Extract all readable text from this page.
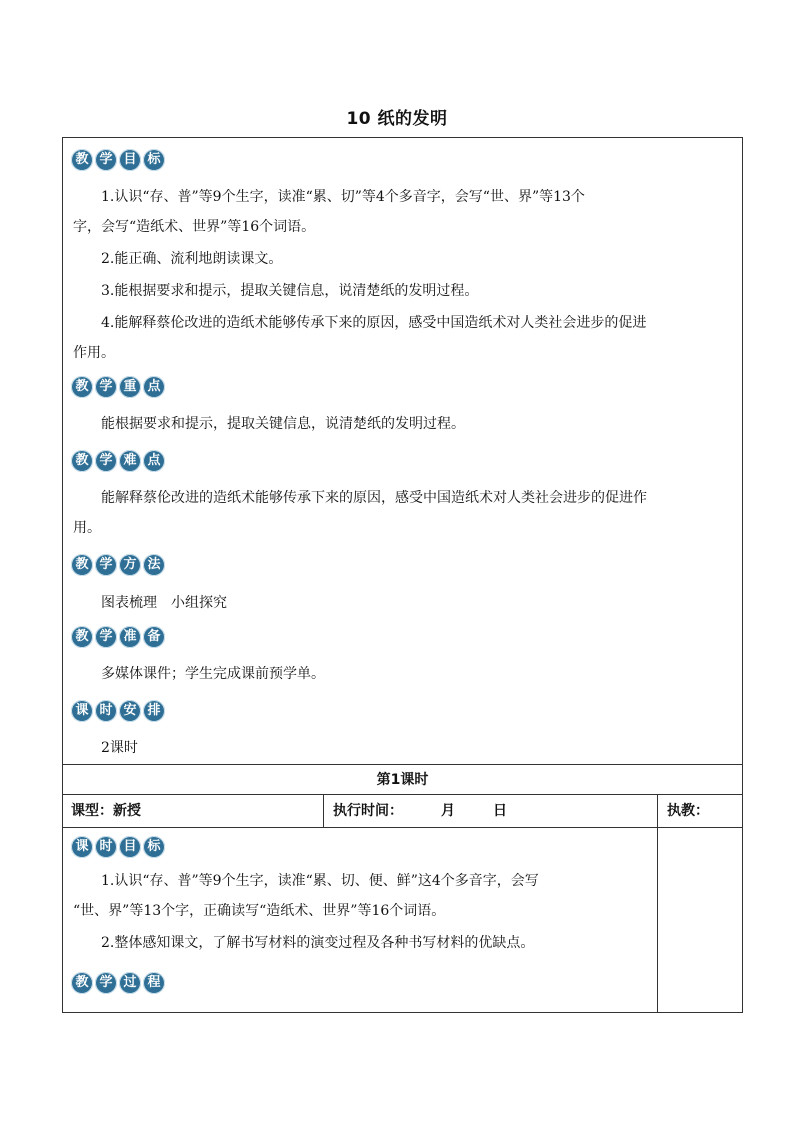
10 纸的发明
教 学 目 标
1.认识“存、普”等9个生字，读准“累、切”等4个多音字，会写“世、界”等13个
字，会写“造纸术、世界”等16个词语。
2.能正确、流利地朗读课文。
3.能根据要求和提示，提取关键信息，说清楚纸的发明过程。
4.能解释蔡伦改进的造纸术能够传承下来的原因，感受中国造纸术对人类社会进步的促进
作用。
教 学 重 点
能根据要求和提示，提取关键信息，说清楚纸的发明过程。
教 学 难 点
能解释蔡伦改进的造纸术能够传承下来的原因，感受中国造纸术对人类社会进步的促进作
用。
教 学 方 法
图表梳理　小组探究
教 学 准 备
多媒体课件；学生完成课前预学单。
课 时 安 排
2课时
第1课时
课型：新授	执行时间：	月	日	执教：
课 时 目 标
1.认识“存、普”等9个生字，读准“累、切、便、鲜”这4个多音字，会写
“世、界”等13个字，正确读写“造纸术、世界”等16个词语。
2.整体感知课文，了解书写材料的演变过程及各种书写材料的优缺点。
教 学 过 程
